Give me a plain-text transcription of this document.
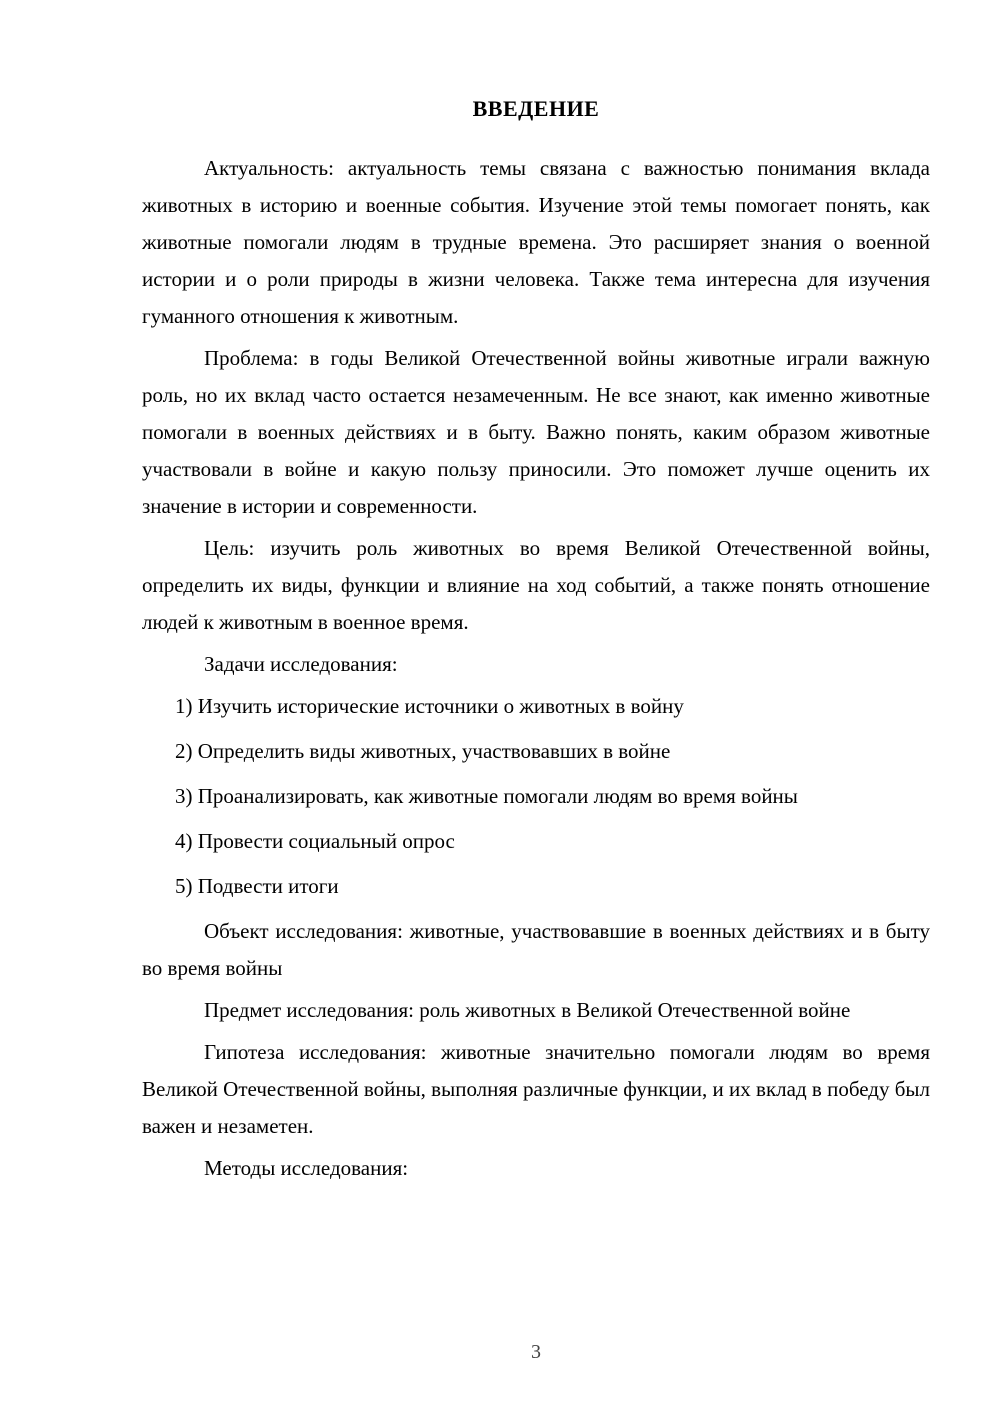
ВВЕДЕНИЕ

Актуальность: актуальность темы связана с важностью понимания вклада животных в историю и военные события. Изучение этой темы помогает понять, как животные помогали людям в трудные времена. Это расширяет знания о военной истории и о роли природы в жизни человека. Также тема интересна для изучения гуманного отношения к животным.

Проблема: в годы Великой Отечественной войны животные играли важную роль, но их вклад часто остается незамеченным. Не все знают, как именно животные помогали в военных действиях и в быту. Важно понять, каким образом животные участвовали в войне и какую пользу приносили. Это поможет лучше оценить их значение в истории и современности.

Цель: изучить роль животных во время Великой Отечественной войны, определить их виды, функции и влияние на ход событий, а также понять отношение людей к животным в военное время.

Задачи исследования:

1) Изучить исторические источники о животных в войну
2) Определить виды животных, участвовавших в войне
3) Проанализировать, как животные помогали людям во время войны
4) Провести социальный опрос
5) Подвести итоги

Объект исследования: животные, участвовавшие в военных действиях и в быту во время войны

Предмет исследования: роль животных в Великой Отечественной войне

Гипотеза исследования: животные значительно помогали людям во время Великой Отечественной войны, выполняя различные функции, и их вклад в победу был важен и незаметен.

Методы исследования:

3
